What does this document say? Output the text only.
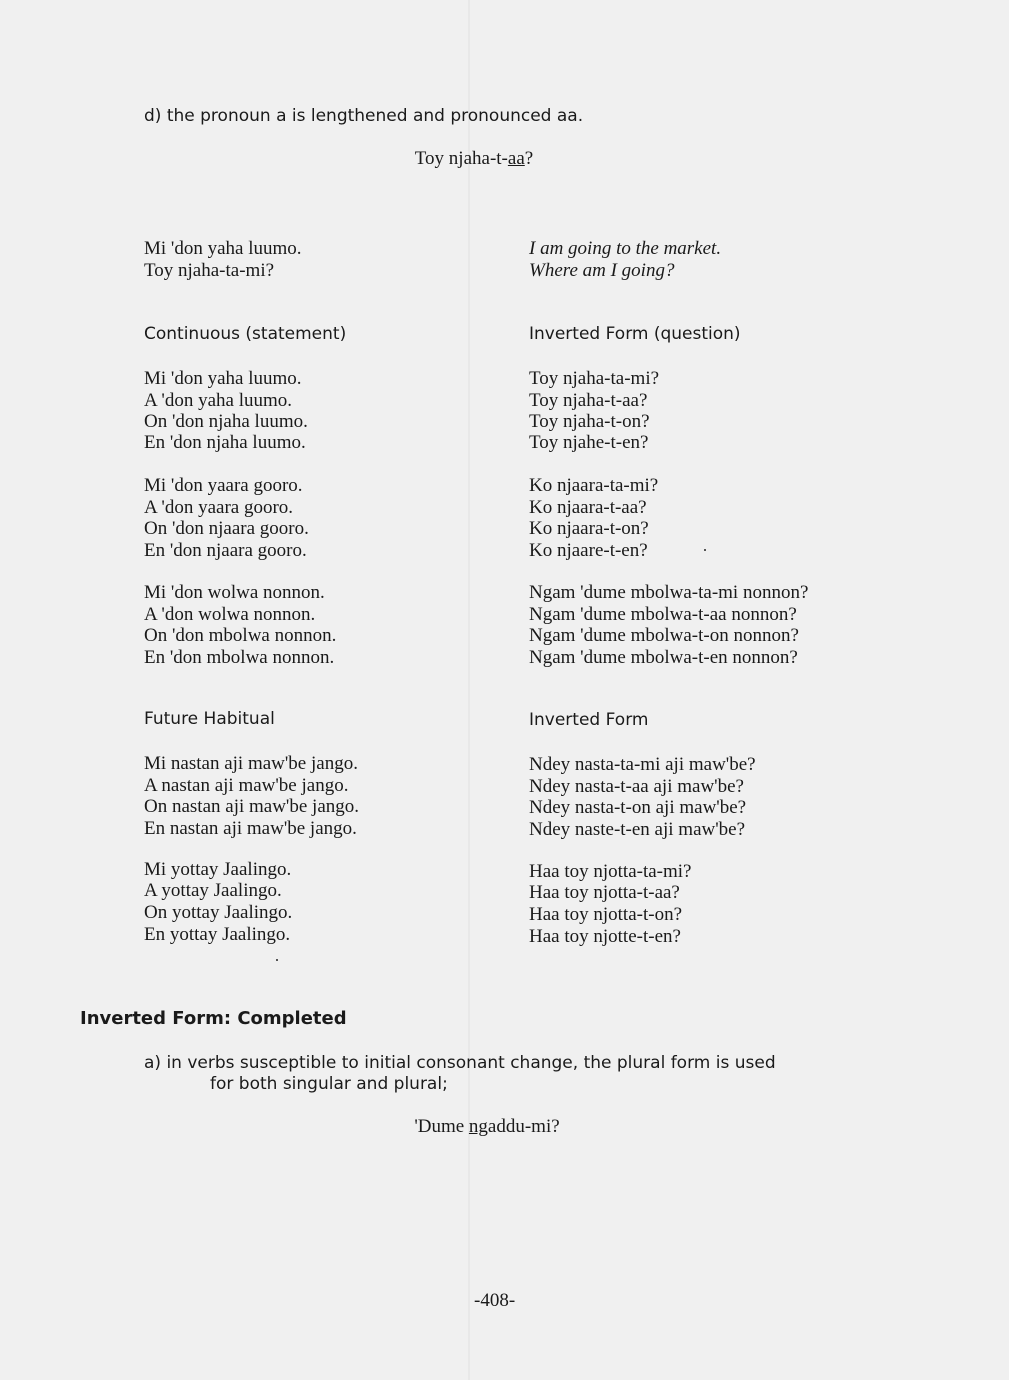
d) the pronoun a is lengthened and pronounced aa.
Toy njaha-t-aa?
Mi 'don yaha luumo.
Toy njaha-ta-mi?
I am going to the market.
Where am I going?
Continuous (statement)	Inverted Form (question)
Mi 'don yaha luumo.
A 'don yaha luumo.
On 'don njaha luumo.
En 'don njaha luumo.
Toy njaha-ta-mi?
Toy njaha-t-aa?
Toy njaha-t-on?
Toy njahe-t-en?
Mi 'don yaara gooro.
A 'don yaara gooro.
On 'don njaara gooro.
En 'don njaara gooro.
Ko njaara-ta-mi?
Ko njaara-t-aa?
Ko njaara-t-on?
Ko njaare-t-en?
Mi 'don wolwa nonnon.
A 'don wolwa nonnon.
On 'don mbolwa nonnon.
En 'don mbolwa nonnon.
Ngam 'dume mbolwa-ta-mi nonnon?
Ngam 'dume mbolwa-t-aa nonnon?
Ngam 'dume mbolwa-t-on nonnon?
Ngam 'dume mbolwa-t-en nonnon?
Future Habitual	Inverted Form
Mi nastan aji maw'be jango.
A nastan aji maw'be jango.
On nastan aji maw'be jango.
En nastan aji maw'be jango.
Ndey nasta-ta-mi aji maw'be?
Ndey nasta-t-aa aji maw'be?
Ndey nasta-t-on aji maw'be?
Ndey naste-t-en aji maw'be?
Mi yottay Jaalingo.
A yottay Jaalingo.
On yottay Jaalingo.
En yottay Jaalingo.
Haa toy njotta-ta-mi?
Haa toy njotta-t-aa?
Haa toy njotta-t-on?
Haa toy njotte-t-en?
Inverted Form: Completed
a) in verbs susceptible to initial consonant change, the plural form is used
for both singular and plural;
'Dume ngaddu-mi?
-408-
